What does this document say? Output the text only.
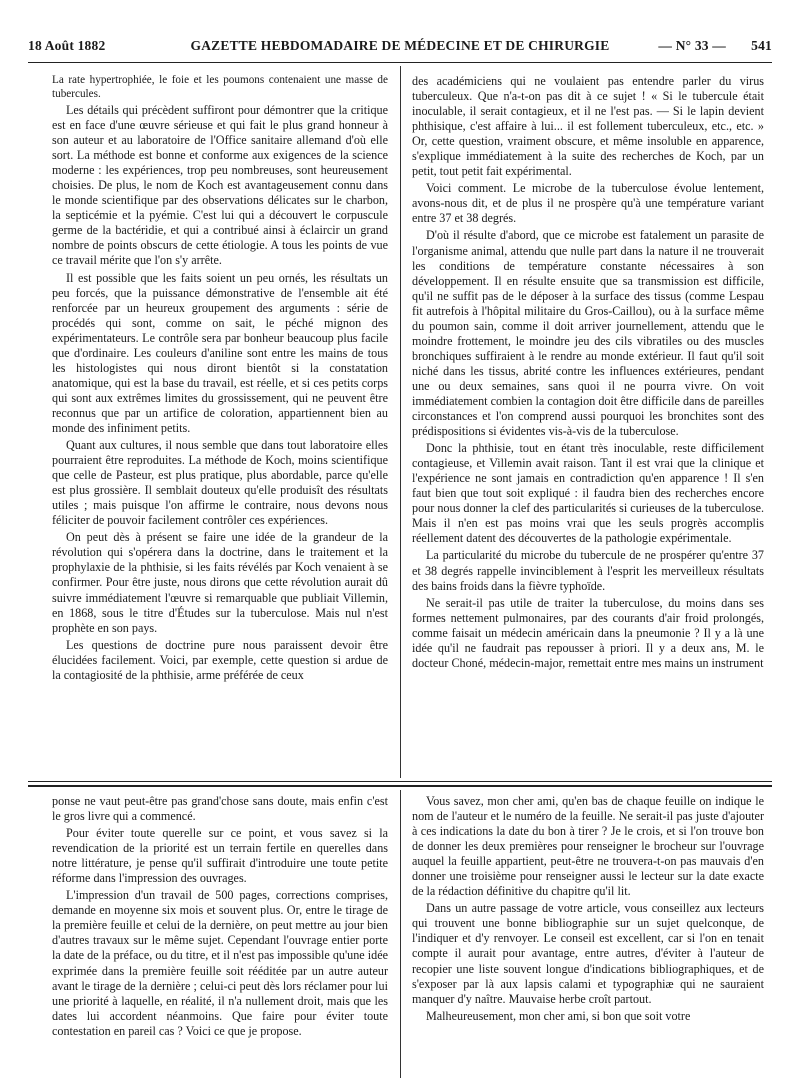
18 Août 1882	GAZETTE HEBDOMADAIRE DE MÉDECINE ET DE CHIRURGIE	— N° 33 — 541

La rate hypertrophiée, le foie et les poumons contenaient une masse de tubercules.

Les détails qui précèdent suffiront pour démontrer que la critique est en face d'une œuvre sérieuse et qui fait le plus grand honneur à son auteur et au laboratoire de l'Office sanitaire allemand d'où elle sort. La méthode est bonne et conforme aux exigences de la science moderne : les expériences, trop peu nombreuses, sont heureusement choisies. De plus, le nom de Koch est avantageusement connu dans le monde scientifique par des observations délicates sur le charbon, la septicémie et la pyémie. C'est lui qui a découvert le corpuscule germe de la bactéridie, et qui a contribué ainsi à éclaircir un grand nombre de points obscurs de cette étiologie. A tous les points de vue ce travail mérite que l'on s'y arrête.

Il est possible que les faits soient un peu ornés, les résultats un peu forcés, que la puissance démonstrative de l'ensemble ait été renforcée par un heureux groupement des arguments : série de procédés qui sont, comme on sait, le péché mignon des expérimentateurs. Le contrôle sera par bonheur beaucoup plus facile que d'ordinaire. Les couleurs d'aniline sont entre les mains de tous les histologistes qui nous diront bientôt si la constatation anatomique, qui est la base du travail, est réelle, et si ces petits corps qui sont aux extrêmes limites du grossissement, qui ne peuvent être reconnus que par un artifice de coloration, appartiennent bien au monde des infiniment petits.

Quant aux cultures, il nous semble que dans tout laboratoire elles pourraient être reproduites. La méthode de Koch, moins scientifique que celle de Pasteur, est plus pratique, plus abordable, parce qu'elle est plus grossière. Il semblait douteux qu'elle produisît des résultats utiles ; mais puisque l'on affirme le contraire, nous devons nous féliciter de pouvoir facilement contrôler ces expériences.

On peut dès à présent se faire une idée de la grandeur de la révolution qui s'opérera dans la doctrine, dans le traitement et la prophylaxie de la phthisie, si les faits révélés par Koch venaient à se confirmer. Pour être juste, nous dirons que cette révolution aurait dû suivre immédiatement l'œuvre si remarquable que publiait Villemin, en 1868, sous le titre d'Études sur la tuberculose. Mais nul n'est prophète en son pays.

Les questions de doctrine pure nous paraissent devoir être élucidées facilement. Voici, par exemple, cette question si ardue de la contagiosité de la phthisie, arme préférée de ceux

des académiciens qui ne voulaient pas entendre parler du virus tuberculeux. Que n'a-t-on pas dit à ce sujet ! « Si le tubercule était inoculable, il serait contagieux, et il ne l'est pas. — Si le lapin devient phthisique, c'est affaire à lui... il est follement tuberculeux, etc., etc. » Or, cette question, vraiment obscure, et même insoluble en apparence, s'explique immédiatement à la suite des recherches de Koch, par un petit, tout petit fait expérimental.

Voici comment. Le microbe de la tuberculose évolue lentement, avons-nous dit, et de plus il ne prospère qu'à une température variant entre 37 et 38 degrés.

D'où il résulte d'abord, que ce microbe est fatalement un parasite de l'organisme animal, attendu que nulle part dans la nature il ne trouverait les conditions de température constante nécessaires à son développement. Il en résulte ensuite que sa transmission est difficile, qu'il ne suffit pas de le déposer à la surface des tissus (comme Lespau fit autrefois à l'hôpital militaire du Gros-Caillou), ou à la surface même du poumon sain, comme il doit arriver journellement, attendu que le moindre frottement, le moindre jeu des cils vibratiles ou des muscles bronchiques suffiraient à le rendre au monde extérieur. Il faut qu'il soit niché dans les tissus, abrité contre les influences extérieures, pendant une ou deux semaines, sans quoi il ne pourra vivre. On voit immédiatement combien la contagion doit être difficile dans de pareilles circonstances et l'on comprend aussi pourquoi les bronchites sont des prédispositions si évidentes vis-à-vis de la tuberculose.

Donc la phthisie, tout en étant très inoculable, reste difficilement contagieuse, et Villemin avait raison. Tant il est vrai que la clinique et l'expérience ne sont jamais en contradiction qu'en apparence ! Il s'en faut bien que tout soit expliqué : il faudra bien des recherches encore pour nous donner la clef des particularités si curieuses de la tuberculose. Mais il n'en est pas moins vrai que les seuls progrès accomplis réellement datent des découvertes de la pathologie expérimentale.

La particularité du microbe du tubercule de ne prospérer qu'entre 37 et 38 degrés rappelle invinciblement à l'esprit les merveilleux résultats des bains froids dans la fièvre typhoïde.

Ne serait-il pas utile de traiter la tuberculose, du moins dans ses formes nettement pulmonaires, par des courants d'air froid prolongés, comme faisait un médecin américain dans la pneumonie ? Il y a là une idée qu'il ne faudrait pas repousser à priori. Il y a deux ans, M. le docteur Choné, médecin-major, remettait entre mes mains un instrument

ponse ne vaut peut-être pas grand'chose sans doute, mais enfin c'est le gros livre qui a commencé.

Pour éviter toute querelle sur ce point, et vous savez si la revendication de la priorité est un terrain fertile en querelles dans notre littérature, je pense qu'il suffirait d'introduire une toute petite réforme dans l'impression des ouvrages.

L'impression d'un travail de 500 pages, corrections comprises, demande en moyenne six mois et souvent plus. Or, entre le tirage de la première feuille et celui de la dernière, on peut mettre au jour bien d'autres travaux sur le même sujet. Cependant l'ouvrage entier porte la date de la préface, ou du titre, et il n'est pas impossible qu'une idée exprimée dans la première feuille soit rééditée par un autre auteur avant le tirage de la dernière ; celui-ci peut dès lors réclamer pour lui une priorité à laquelle, en réalité, il n'a nullement droit, mais que les dates lui accordent néanmoins. Que faire pour éviter toute contestation en pareil cas ? Voici ce que je propose.

Vous savez, mon cher ami, qu'en bas de chaque feuille on indique le nom de l'auteur et le numéro de la feuille. Ne serait-il pas juste d'ajouter à ces indications la date du bon à tirer ? Je le crois, et si l'on trouve bon de donner les deux premières pour renseigner le brocheur sur l'ouvrage auquel la feuille appartient, peut-être ne trouvera-t-on pas mauvais d'en donner une troisième pour renseigner aussi le lecteur sur la date exacte de la rédaction définitive du chapitre qu'il lit.

Dans un autre passage de votre article, vous conseillez aux lecteurs qui trouvent une bonne bibliographie sur un sujet quelconque, de l'indiquer et d'y renvoyer. Le conseil est excellent, car si l'on en tenait compte il aurait pour avantage, entre autres, d'éviter à l'auteur de recopier une liste souvent longue d'indications bibliographiques, et de s'exposer par là aux lapsis calami et typographiæ qui ne sauraient manquer d'y naître. Mauvaise herbe croît partout.

Malheureusement, mon cher ami, si bon que soit votre
